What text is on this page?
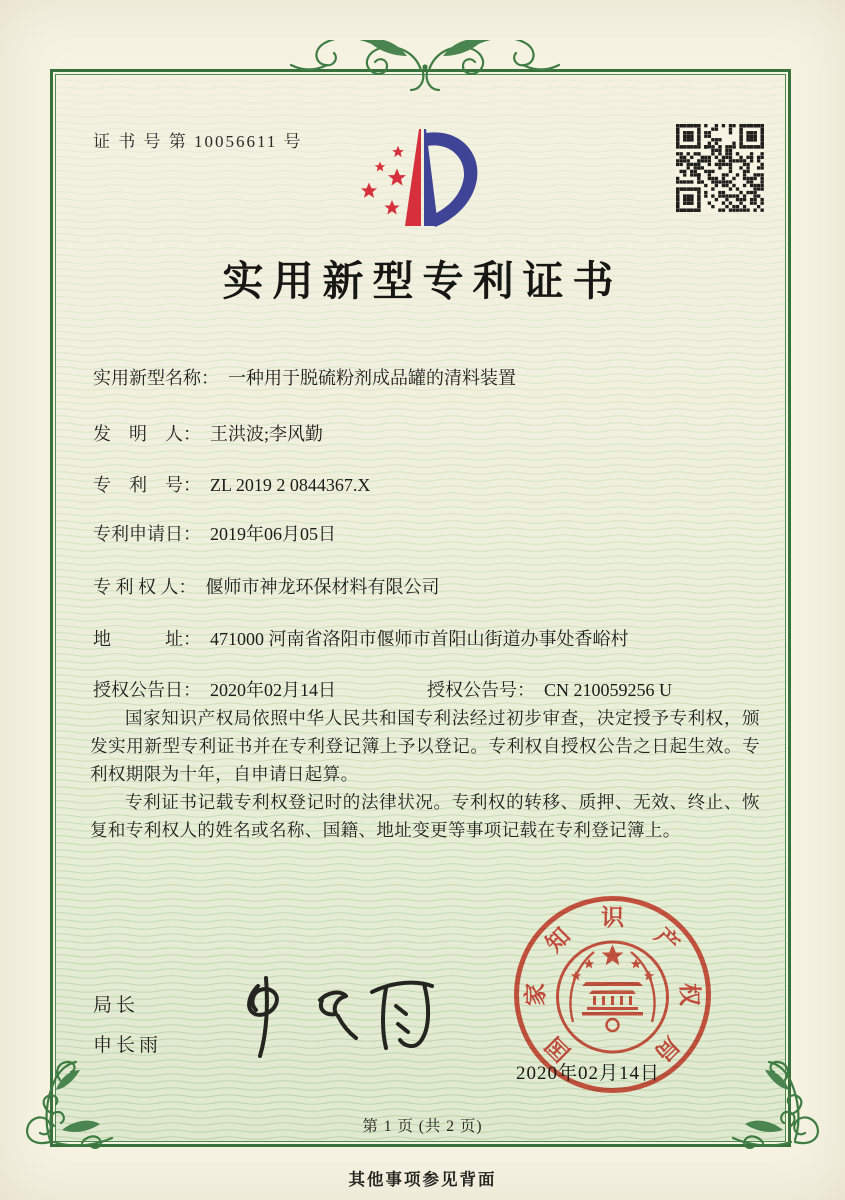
证 书 号 第 10056611 号
实用新型专利证书
实用新型名称： 一种用于脱硫粉剂成品罐的清料装置
发　明　人： 王洪波;李风勤
专　利　号： ZL 2019 2 0844367.X
专利申请日： 2019年06月05日
专 利 权 人： 偃师市神龙环保材料有限公司
地　　　址： 471000 河南省洛阳市偃师市首阳山街道办事处香峪村
授权公告日： 2020年02月14日	授权公告号： CN 210059256 U

国家知识产权局依照中华人民共和国专利法经过初步审查，决定授予专利权，颁发实用新型专利证书并在专利登记簿上予以登记。专利权自授权公告之日起生效。专利权期限为十年，自申请日起算。

专利证书记载专利权登记时的法律状况。专利权的转移、质押、无效、终止、恢复和专利权人的姓名或名称、国籍、地址变更等事项记载在专利登记簿上。

局长
申长雨	国
家
知
识
产
权
局
2020年02月14日
第 1 页 (共 2 页)
其他事项参见背面
